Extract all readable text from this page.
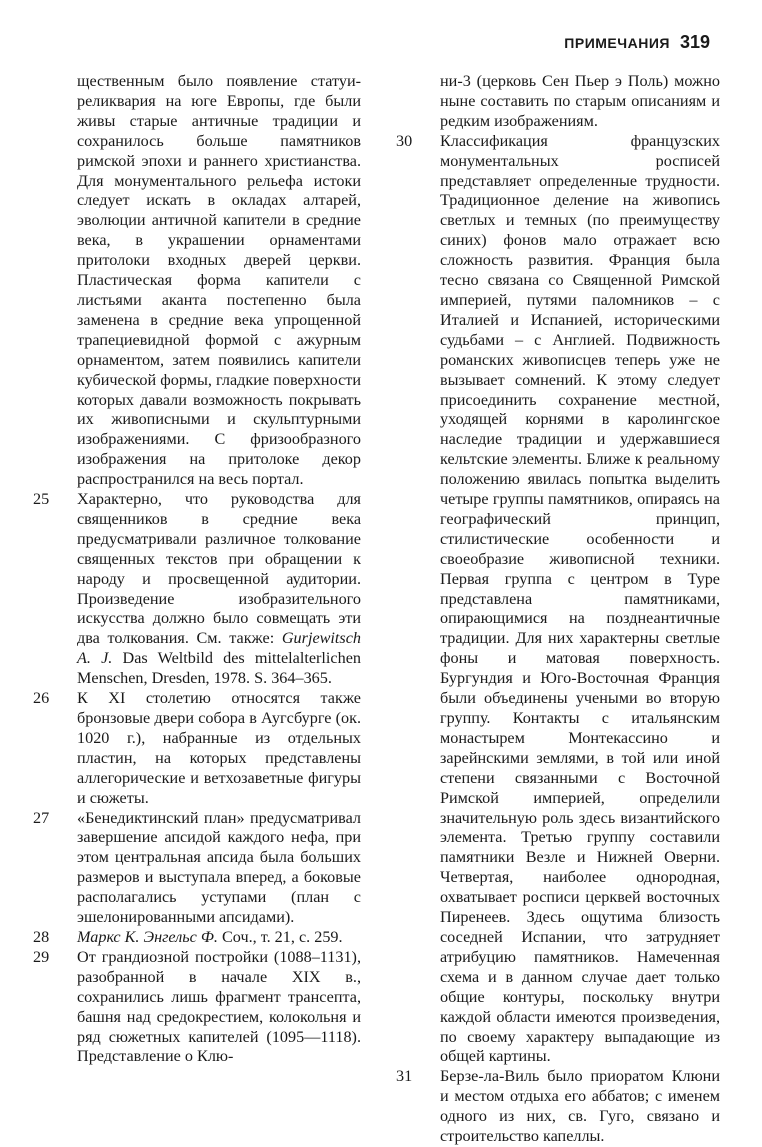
ПРИМЕЧАНИЯ 319
щественным было появление статуи-реликвария на юге Европы, где были живы старые античные традиции и сохранилось больше памятников римской эпохи и раннего христианства. Для монументального рельефа истоки следует искать в окладах алтарей, эволюции античной капители в средние века, в украшении орнаментами притолоки входных дверей церкви. Пластическая форма капители с листьями аканта постепенно была заменена в средние века упрощенной трапециевидной формой с ажурным орнаментом, затем появились капители кубической формы, гладкие поверхности которых давали возможность покрывать их живописными и скульптурными изображениями. С фризообразного изображения на притолоке декор распространился на весь портал.
25	Характерно, что руководства для священников в средние века предусматривали различное толкование священных текстов при обращении к народу и просвещенной аудитории. Произведение изобразительного искусства должно было совмещать эти два толкования. См. также: Gurjewitsch A. J. Das Weltbild des mittelalterlichen Menschen, Dresden, 1978. S. 364–365.
26	К XI столетию относятся также бронзовые двери собора в Аугсбурге (ок. 1020 г.), набранные из отдельных пластин, на которых представлены аллегорические и ветхозаветные фигуры и сюжеты.
27	«Бенедиктинский план» предусматривал завершение апсидой каждого нефа, при этом центральная апсида была больших размеров и выступала вперед, а боковые располагались уступами (план с эшелонированными апсидами).
28	Маркс К. Энгельс Ф. Соч., т. 21, с. 259.
29	От грандиозной постройки (1088–1131), разобранной в начале XIX в., сохранились лишь фрагмент трансепта, башня над средокрестием, колокольня и ряд сюжетных капителей (1095—1118). Представление о Клю-
ни-3 (церковь Сен Пьер э Поль) можно ныне составить по старым описаниям и редким изображениям.
30	Классификация французских монументальных росписей представляет определенные трудности. Традиционное деление на живопись светлых и темных (по преимуществу синих) фонов мало отражает всю сложность развития. Франция была тесно связана со Священной Римской империей, путями паломников – с Италией и Испанией, историческими судьбами – с Англией. Подвижность романских живописцев теперь уже не вызывает сомнений. К этому следует присоединить сохранение местной, уходящей корнями в каролингское наследие традиции и удержавшиеся кельтские элементы. Ближе к реальному положению явилась попытка выделить четыре группы памятников, опираясь на географический принцип, стилистические особенности и своеобразие живописной техники. Первая группа с центром в Туре представлена памятниками, опирающимися на позднеантичные традиции. Для них характерны светлые фоны и матовая поверхность. Бургундия и Юго-Восточная Франция были объединены учеными во вторую группу. Контакты с итальянским монастырем Монтекассино и зарейнскими землями, в той или иной степени связанными с Восточной Римской империей, определили значительную роль здесь византийского элемента. Третью группу составили памятники Везле и Нижней Оверни. Четвертая, наиболее однородная, охватывает росписи церквей восточных Пиренеев. Здесь ощутима близость соседней Испании, что затрудняет атрибуцию памятников. Намеченная схема и в данном случае дает только общие контуры, поскольку внутри каждой области имеются произведения, по своему характеру выпадающие из общей картины.
31	Берзе-ла-Виль было приоратом Клюни и местом отдыха его аббатов; с именем одного из них, св. Гуго, связано и строительство капеллы.
